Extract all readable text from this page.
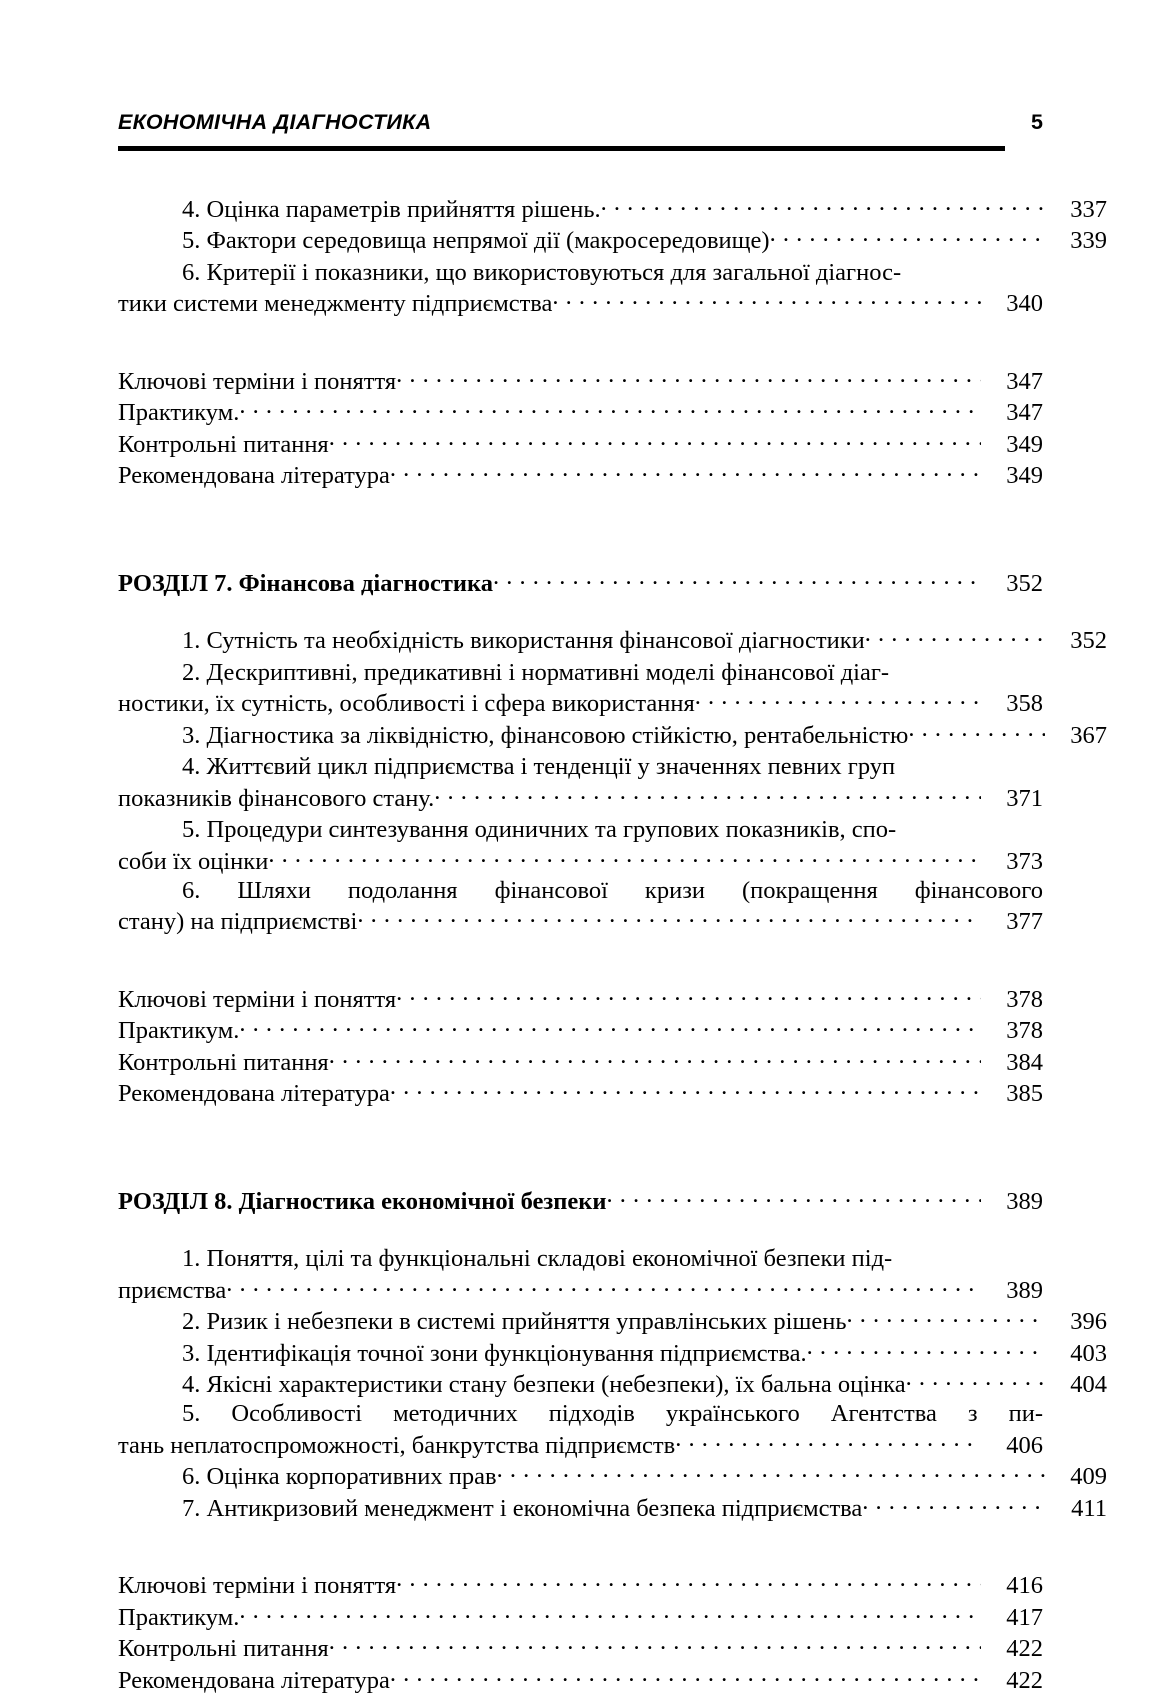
ЕКОНОМІЧНА ДІАГНОСТИКА	5
4. Оцінка параметрів прийняття рішень. . . .	337
5. Фактори середовища непрямої дії (макросередовище) . . .	339
6. Критерії і показники, що використовуються для загальної діагнос-
тики системи менеджменту підприємства . . .	340
Ключові терміни і поняття . . .	347
Практикум. . . .	347
Контрольні питання . . .	349
Рекомендована література . . .	349
РОЗДІЛ 7. Фінансова діагностика . . .	352
1. Сутність та необхідність використання фінансової діагностики . . .	352
2. Дескриптивні, предикативні і нормативні моделі фінансової діаг-
ностики, їх сутність, особливості і сфера використання . . .	358
3. Діагностика за ліквідністю, фінансовою стійкістю, рентабельністю . . .	367
4. Життєвий цикл підприємства і тенденції у значеннях певних груп
показників фінансового стану. . . .	371
5. Процедури синтезування одиничних та групових показників, спо-
соби їх оцінки . . .	373
6. Шляхи подолання фінансової кризи (покращення фінансового
стану) на підприємстві . . .	377
Ключові терміни і поняття . . .	378
Практикум. . . .	378
Контрольні питання . . .	384
Рекомендована література . . .	385
РОЗДІЛ 8. Діагностика економічної безпеки . . .	389
1. Поняття, цілі та функціональні складові економічної безпеки під-
приємства . . .	389
2. Ризик і небезпеки в системі прийняття управлінських рішень . . .	396
3. Ідентифікація точної зони функціонування підприємства. . . .	403
4. Якісні характеристики стану безпеки (небезпеки), їх бальна оцінка . . .	404
5. Особливості методичних підходів українського Агентства з пи-
тань неплатоспроможності, банкрутства підприємств . . .	406
6. Оцінка корпоративних прав . . .	409
7. Антикризовий менеджмент і економічна безпека підприємства . . .	411
Ключові терміни і поняття . . .	416
Практикум. . . .	417
Контрольні питання . . .	422
Рекомендована література . . .	422
